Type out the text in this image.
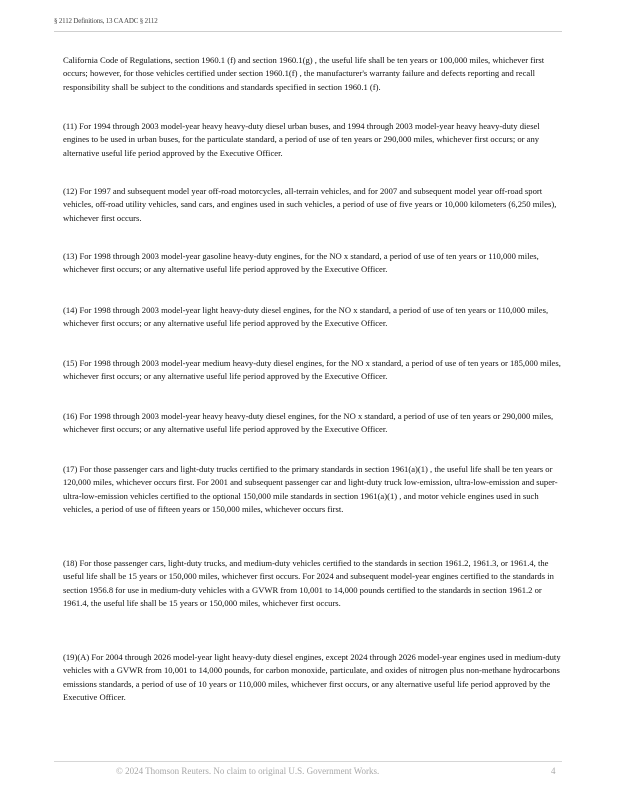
§ 2112 Definitions, 13 CA ADC § 2112
California Code of Regulations, section 1960.1 (f) and section 1960.1(g) , the useful life shall be ten years or 100,000 miles, whichever first occurs; however, for those vehicles certified under section 1960.1(f) , the manufacturer's warranty failure and defects reporting and recall responsibility shall be subject to the conditions and standards specified in section 1960.1 (f).
(11) For 1994 through 2003 model-year heavy heavy-duty diesel urban buses, and 1994 through 2003 model-year heavy heavy-duty diesel engines to be used in urban buses, for the particulate standard, a period of use of ten years or 290,000 miles, whichever first occurs; or any alternative useful life period approved by the Executive Officer.
(12) For 1997 and subsequent model year off-road motorcycles, all-terrain vehicles, and for 2007 and subsequent model year off-road sport vehicles, off-road utility vehicles, sand cars, and engines used in such vehicles, a period of use of five years or 10,000 kilometers (6,250 miles), whichever first occurs.
(13) For 1998 through 2003 model-year gasoline heavy-duty engines, for the NO x standard, a period of use of ten years or 110,000 miles, whichever first occurs; or any alternative useful life period approved by the Executive Officer.
(14) For 1998 through 2003 model-year light heavy-duty diesel engines, for the NO x standard, a period of use of ten years or 110,000 miles, whichever first occurs; or any alternative useful life period approved by the Executive Officer.
(15) For 1998 through 2003 model-year medium heavy-duty diesel engines, for the NO x standard, a period of use of ten years or 185,000 miles, whichever first occurs; or any alternative useful life period approved by the Executive Officer.
(16) For 1998 through 2003 model-year heavy heavy-duty diesel engines, for the NO x standard, a period of use of ten years or 290,000 miles, whichever first occurs; or any alternative useful life period approved by the Executive Officer.
(17) For those passenger cars and light-duty trucks certified to the primary standards in section 1961(a)(1) , the useful life shall be ten years or 120,000 miles, whichever occurs first. For 2001 and subsequent passenger car and light-duty truck low-emission, ultra-low-emission and super-ultra-low-emission vehicles certified to the optional 150,000 mile standards in section 1961(a)(1) , and motor vehicle engines used in such vehicles, a period of use of fifteen years or 150,000 miles, whichever occurs first.
(18) For those passenger cars, light-duty trucks, and medium-duty vehicles certified to the standards in section 1961.2, 1961.3, or 1961.4, the useful life shall be 15 years or 150,000 miles, whichever first occurs. For 2024 and subsequent model-year engines certified to the standards in section 1956.8 for use in medium-duty vehicles with a GVWR from 10,001 to 14,000 pounds certified to the standards in section 1961.2 or 1961.4, the useful life shall be 15 years or 150,000 miles, whichever first occurs.
(19)(A) For 2004 through 2026 model-year light heavy-duty diesel engines, except 2024 through 2026 model-year engines used in medium-duty vehicles with a GVWR from 10,001 to 14,000 pounds, for carbon monoxide, particulate, and oxides of nitrogen plus non-methane hydrocarbons emissions standards, a period of use of 10 years or 110,000 miles, whichever first occurs, or any alternative useful life period approved by the Executive Officer.
© 2024 Thomson Reuters. No claim to original U.S. Government Works.	4
